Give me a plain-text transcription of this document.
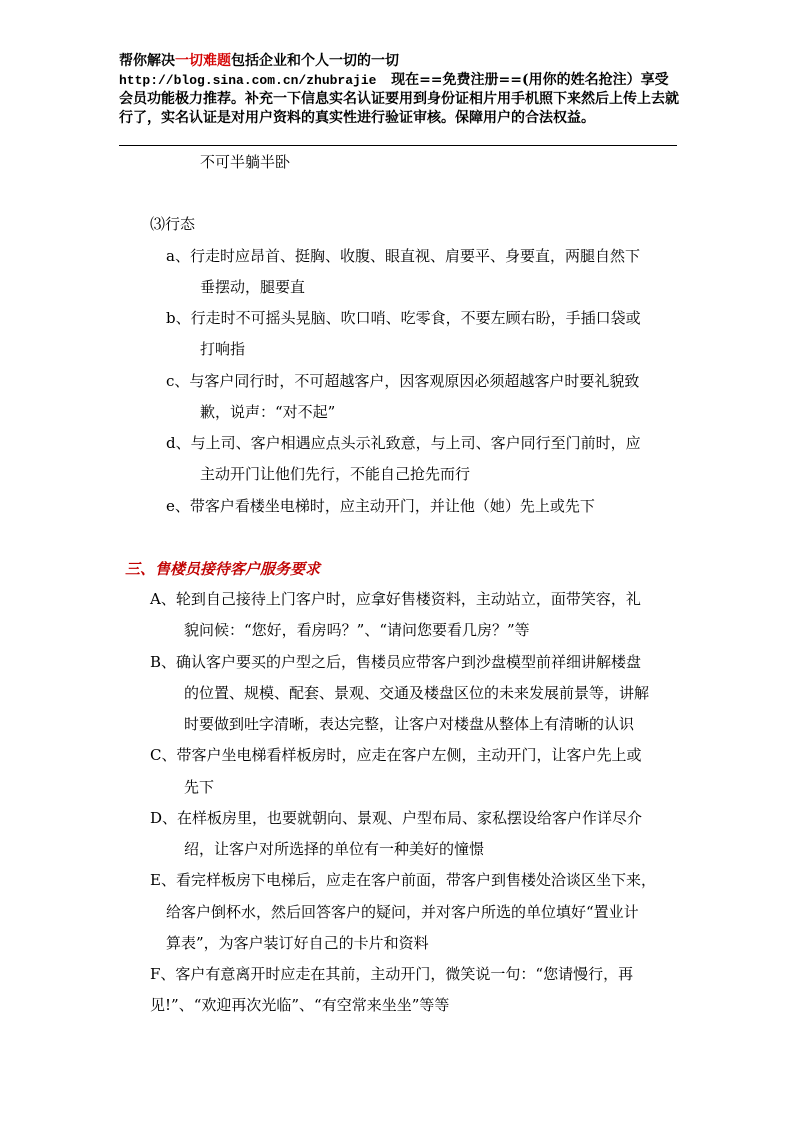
帮你解决一切难题包括企业和个人一切的一切 http://blog.sina.com.cn/zhubrajie 现在==免费注册==(用你的姓名抢注）享受会员功能极力推荐。补充一下信息实名认证要用到身份证相片用手机照下来然后上传上去就行了，实名认证是对用户资料的真实性进行验证审核。保障用户的合法权益。
不可半躺半卧
⑶行态
a、行走时应昂首、挺胸、收腹、眼直视、肩要平、身要直，两腿自然下
垂摆动，腿要直
b、行走时不可摇头晃脑、吹口哨、吃零食，不要左顾右盼，手插口袋或
打响指
c、与客户同行时，不可超越客户，因客观原因必须超越客户时要礼貌致
歉，说声：“对不起”
d、与上司、客户相遇应点头示礼致意，与上司、客户同行至门前时，应
主动开门让他们先行，不能自己抢先而行
e、带客户看楼坐电梯时，应主动开门，并让他（她）先上或先下
三、售楼员接待客户服务要求
A、轮到自己接待上门客户时，应拿好售楼资料，主动站立，面带笑容，礼
貌问候：“您好，看房吗？”、“请问您要看几房？”等
B、确认客户要买的户型之后，售楼员应带客户到沙盘模型前祥细讲解楼盘
的位置、规模、配套、景观、交通及楼盘区位的未来发展前景等，讲解
时要做到吐字清晰，表达完整，让客户对楼盘从整体上有清晰的认识
C、带客户坐电梯看样板房时，应走在客户左侧，主动开门，让客户先上或
先下
D、在样板房里，也要就朝向、景观、户型布局、家私摆设给客户作详尽介
绍，让客户对所选择的单位有一种美好的憧憬
E、看完样板房下电梯后，应走在客户前面，带客户到售楼处洽谈区坐下来，
给客户倒杯水，然后回答客户的疑问，并对客户所选的单位填好“置业计
算表”，为客户装订好自己的卡片和资料
F、客户有意离开时应走在其前，主动开门，微笑说一句：“您请慢行，再
见!”、“欢迎再次光临”、“有空常来坐坐”等等
